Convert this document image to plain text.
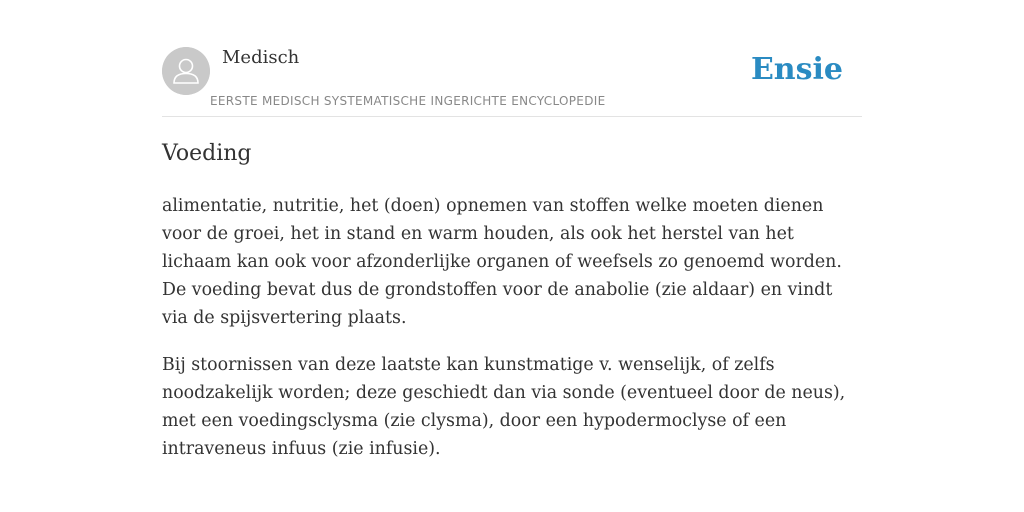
Medisch
EERSTE MEDISCH SYSTEMATISCHE INGERICHTE ENCYCLOPEDIE
Ensie
Voeding

alimentatie, nutritie, het (doen) opnemen van stoffen welke moeten dienen voor de groei, het in stand en warm houden, als ook het herstel van het lichaam kan ook voor afzonderlijke organen of weefsels zo genoemd worden. De voeding bevat dus de grondstoffen voor de anabolie (zie aldaar) en vindt via de spijsvertering plaats.

Bij stoornissen van deze laatste kan kunstmatige v. wenselijk, of zelfs noodzakelijk worden; deze geschiedt dan via sonde (eventueel door de neus), met een voedingsclysma (zie clysma), door een hypodermoclyse of een intraveneus infuus (zie infusie).
